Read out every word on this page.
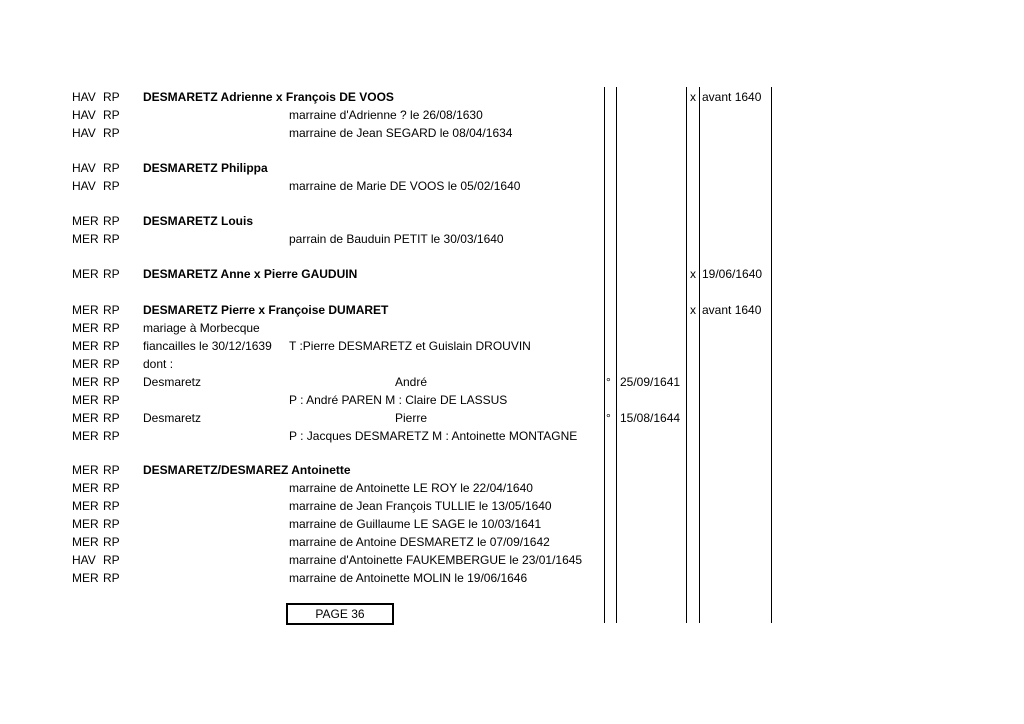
HAV RP DESMARETZ Adrienne x François DE VOOS	x avant 1640
HAV RP	marraine d'Adrienne ? le 26/08/1630
HAV RP	marraine de Jean SEGARD le 08/04/1634
HAV RP DESMARETZ Philippa
HAV RP	marraine de Marie DE VOOS le 05/02/1640
MER RP DESMARETZ Louis
MER RP	parrain de Bauduin PETIT le 30/03/1640
MER RP DESMARETZ Anne x Pierre GAUDUIN	x 19/06/1640
MER RP DESMARETZ Pierre x Françoise DUMARET	x avant 1640
MER RP mariage à Morbecque
MER RP fiancailles le 30/12/1639 T :Pierre DESMARETZ et Guislain DROUVIN
MER RP dont :
MER RP Desmaretz	André	° 25/09/1641
MER RP	P : André PAREN M : Claire DE LASSUS
MER RP Desmaretz	Pierre	° 15/08/1644
MER RP	P : Jacques DESMARETZ M : Antoinette MONTAGNE
MER RP DESMARETZ/DESMAREZ Antoinette
MER RP	marraine de Antoinette LE ROY le 22/04/1640
MER RP	marraine de Jean François TULLIE le 13/05/1640
MER RP	marraine de Guillaume LE SAGE le 10/03/1641
MER RP	marraine de Antoine DESMARETZ le 07/09/1642
HAV RP	marraine d'Antoinette FAUKEMBERGUE le 23/01/1645
MER RP	marraine de Antoinette MOLIN le 19/06/1646
PAGE 36
